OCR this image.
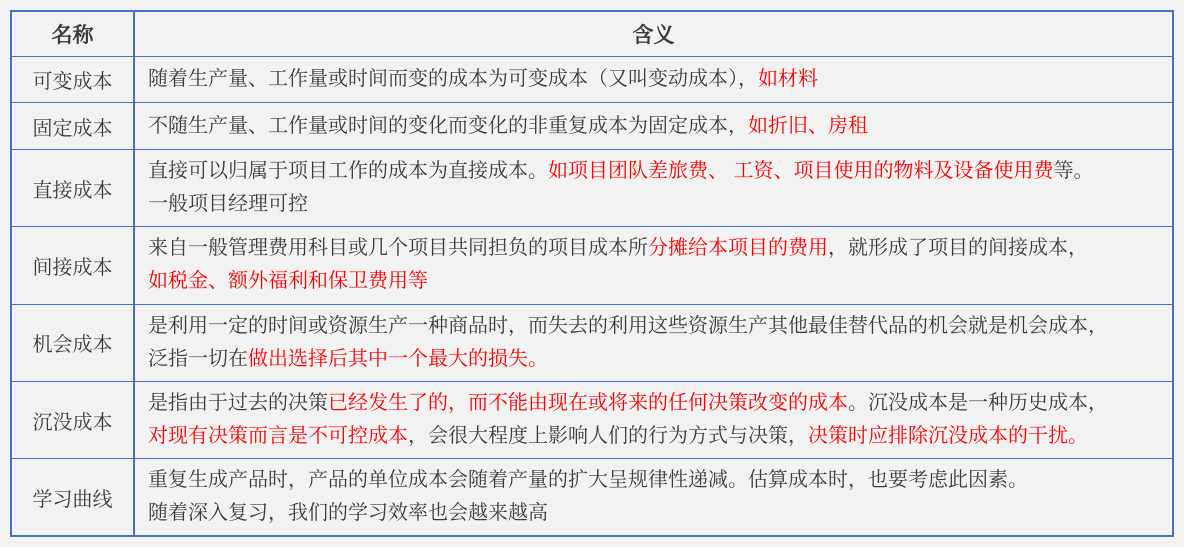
名称	含义
可变成本	随着生产量、工作量或时间而变的成本为可变成本（又叫变动成本），如材料

固定成本	不随生产量、工作量或时间的变化而变化的非重复成本为固定成本，如折旧、房租

直接成本	直接可以归属于项目工作的成本为直接成本。如项目团队差旅费、 工资、项目使用的物料及设备使用费等。
一般项目经理可控

间接成本	来自一般管理费用科目或几个项目共同担负的项目成本所分摊给本项目的费用，就形成了项目的间接成本，
如税金、额外福利和保卫费用等

机会成本	是利用一定的时间或资源生产一种商品时，而失去的利用这些资源生产其他最佳替代品的机会就是机会成本，
泛指一切在做出选择后其中一个最大的损失。

沉没成本	是指由于过去的决策已经发生了的，而不能由现在或将来的任何决策改变的成本。沉没成本是一种历史成本，
对现有决策而言是不可控成本，会很大程度上影响人们的行为方式与决策，决策时应排除沉没成本的干扰。

学习曲线	重复生成产品时，产品的单位成本会随着产量的扩大呈规律性递减。估算成本时，也要考虑此因素。
随着深入复习，我们的学习效率也会越来越高
